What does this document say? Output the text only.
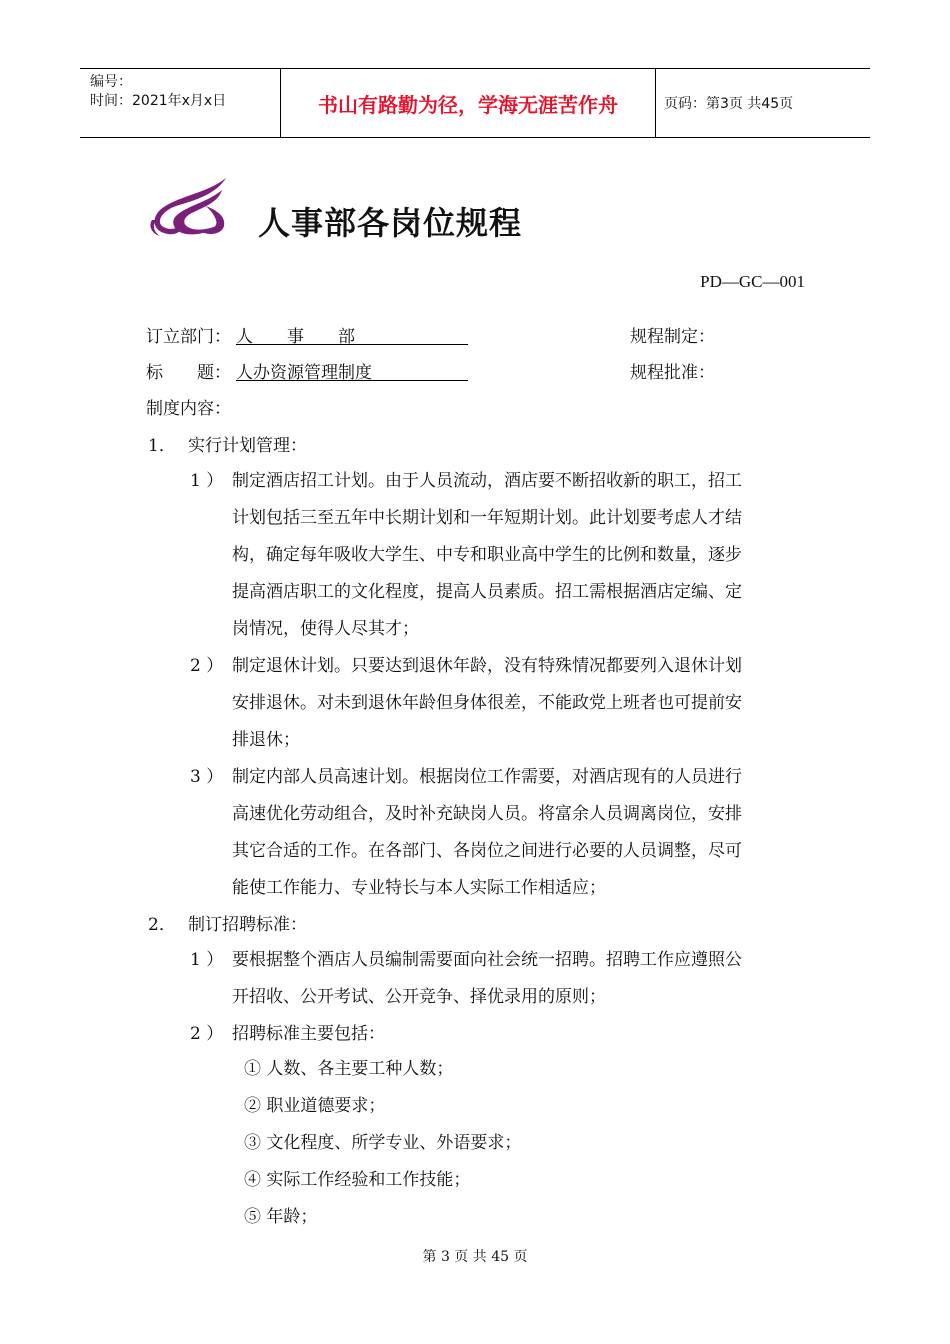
编号：
时间：2021年x月x日	书山有路勤为径，学海无涯苦作舟	页码：第3页 共45页
人事部各岗位规程
PD—GC—001
订立部门： 人　　事　　部	规程制定：
标　　题： 人办资源管理制度	规程批准：
制度内容：
1． 实行计划管理：
1 ） 制定酒店招工计划。由于人员流动，酒店要不断招收新的职工，招工
计划包括三至五年中长期计划和一年短期计划。此计划要考虑人才结
构，确定每年吸收大学生、中专和职业高中学生的比例和数量，逐步
提高酒店职工的文化程度，提高人员素质。招工需根据酒店定编、定
岗情况，使得人尽其才；
2 ） 制定退休计划。只要达到退休年龄，没有特殊情况都要列入退休计划
安排退休。对未到退休年龄但身体很差，不能政党上班者也可提前安
排退休；
3 ） 制定内部人员高速计划。根据岗位工作需要，对酒店现有的人员进行
高速优化劳动组合，及时补充缺岗人员。将富余人员调离岗位，安排
其它合适的工作。在各部门、各岗位之间进行必要的人员调整，尽可
能使工作能力、专业特长与本人实际工作相适应；
2． 制订招聘标准：
1 ） 要根据整个酒店人员编制需要面向社会统一招聘。招聘工作应遵照公
开招收、公开考试、公开竞争、择优录用的原则；
2 ） 招聘标准主要包括：
① 人数、各主要工种人数；
② 职业道德要求；
③ 文化程度、所学专业、外语要求；
④ 实际工作经验和工作技能；
⑤ 年龄；
第 3 页 共 45 页
